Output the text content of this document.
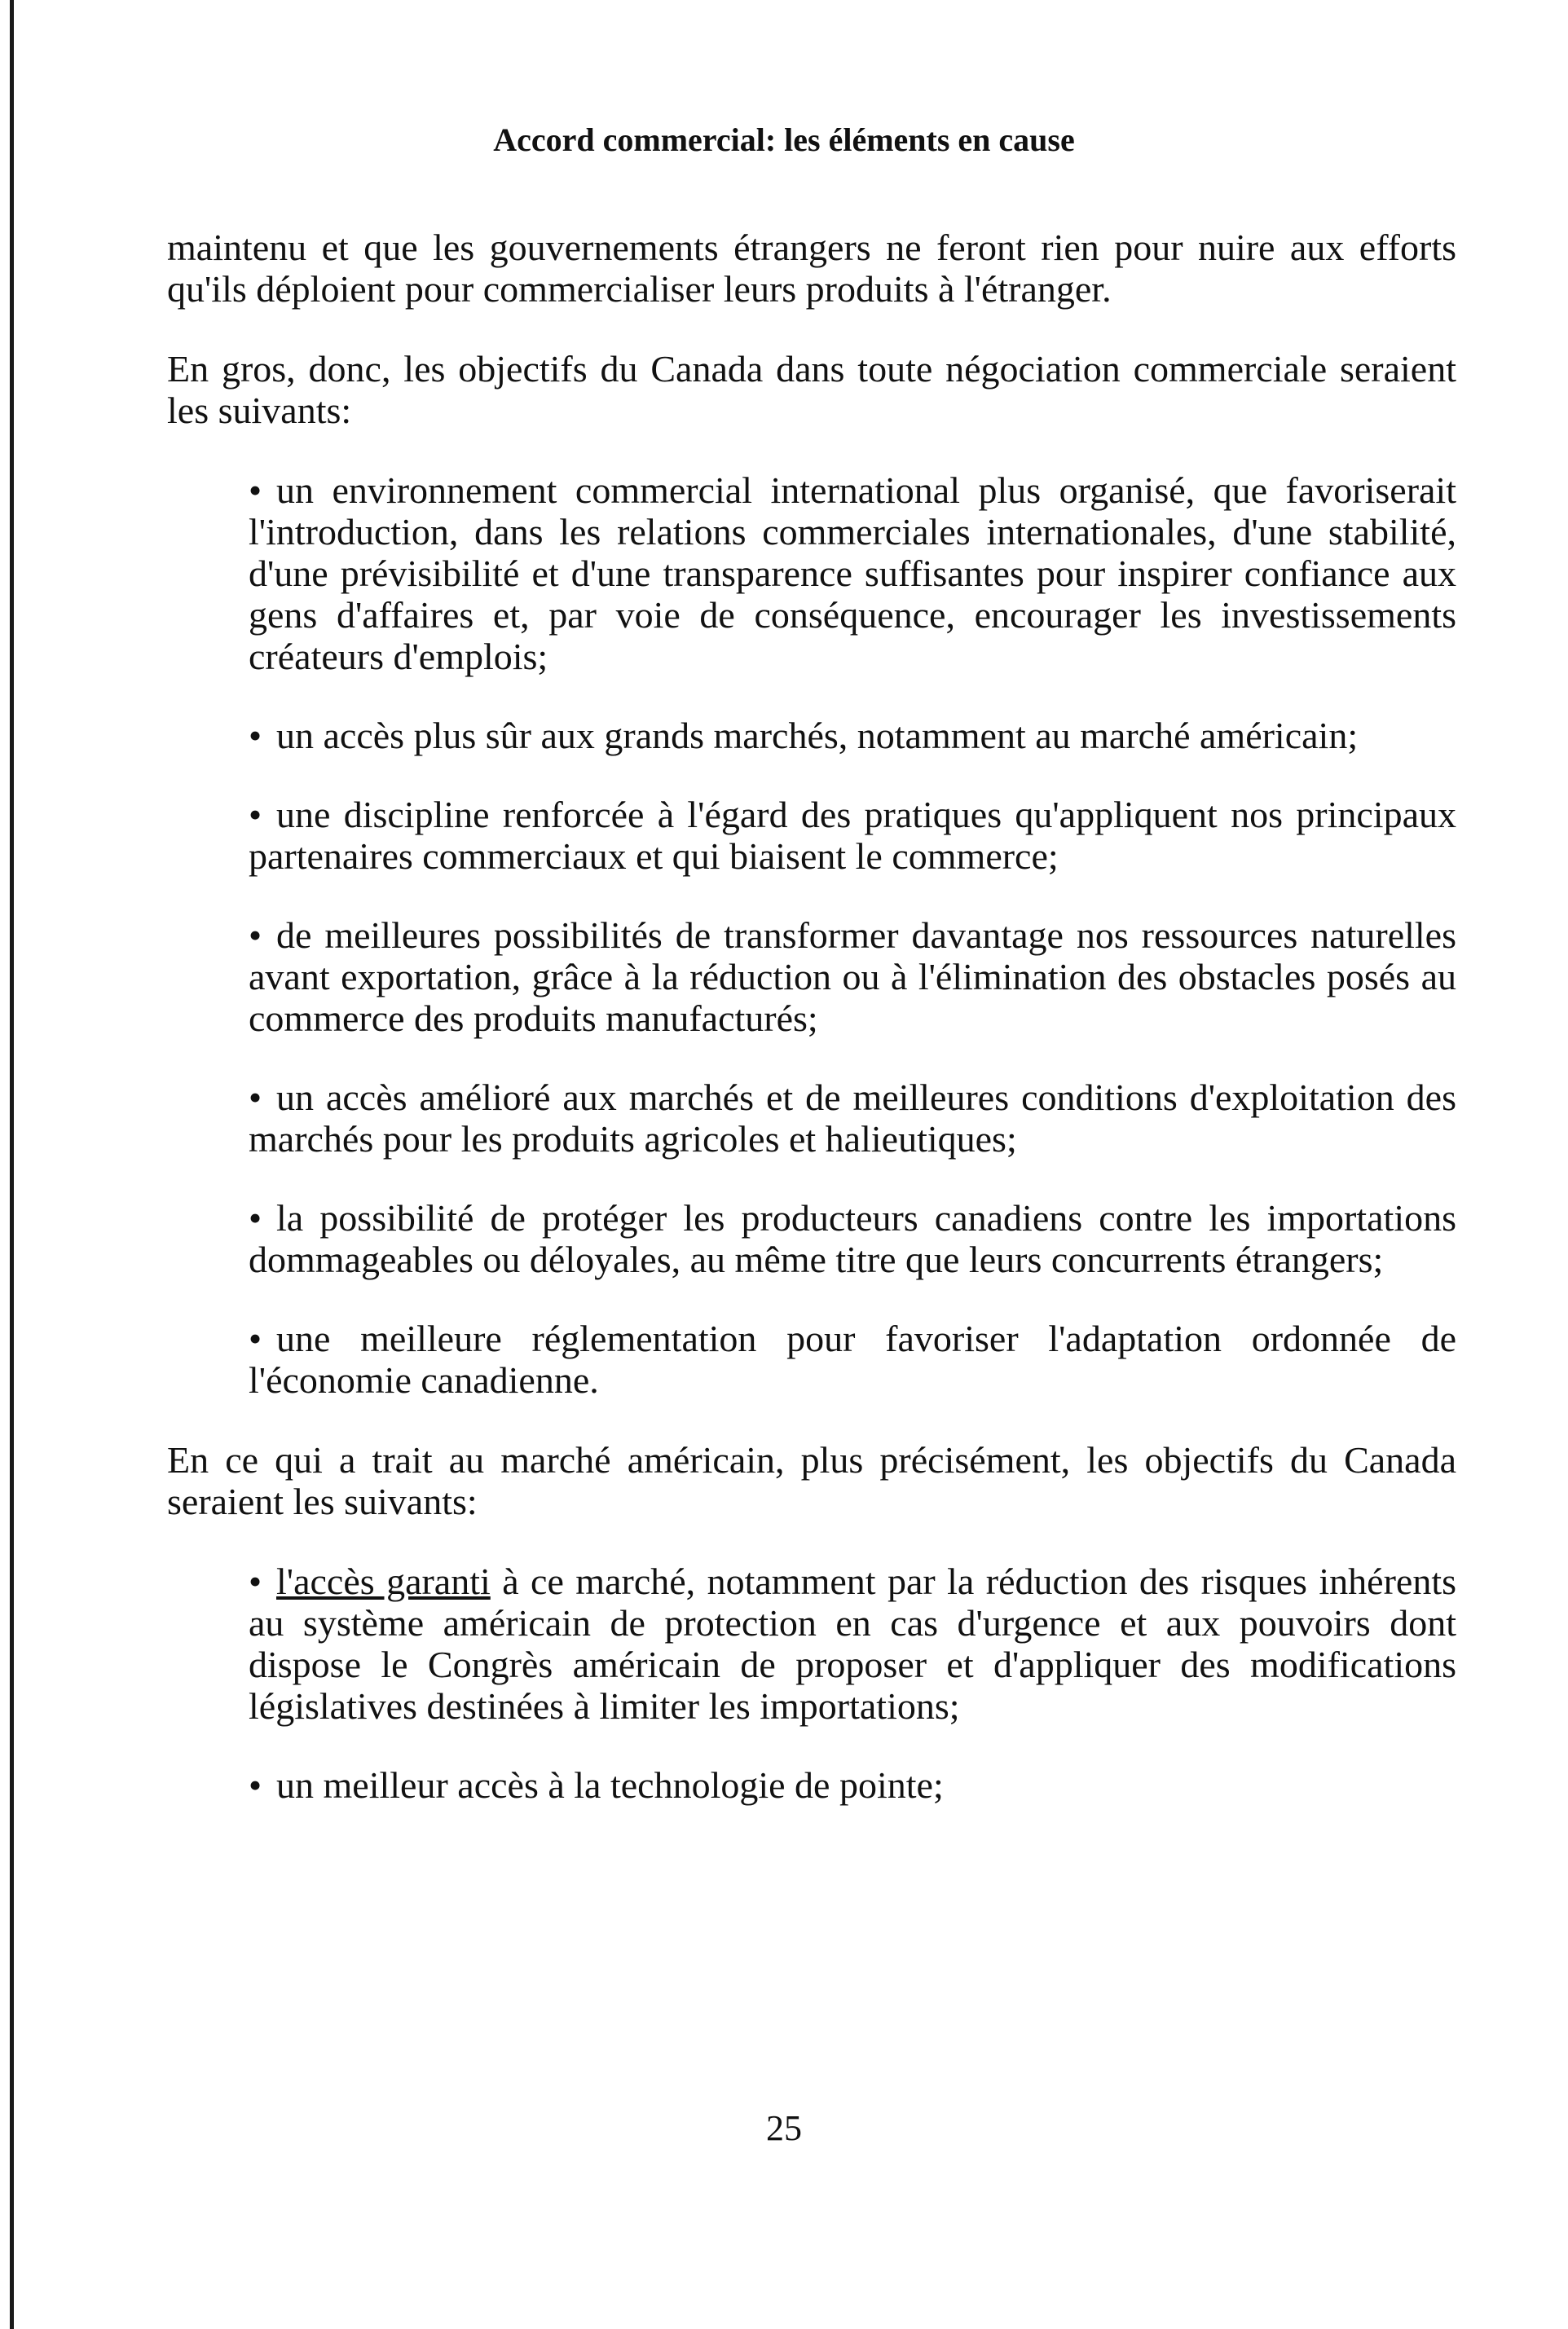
Accord commercial: les éléments en cause

maintenu et que les gouvernements étrangers ne feront rien pour nuire aux efforts qu'ils déploient pour commercialiser leurs produits à l'étranger.

En gros, donc, les objectifs du Canada dans toute négociation commerciale seraient les suivants:

• un environnement commercial international plus organisé, que favoriserait l'introduction, dans les relations commerciales internationales, d'une stabilité, d'une prévisibilité et d'une transparence suffisantes pour inspirer confiance aux gens d'affaires et, par voie de conséquence, encourager les investissements créateurs d'emplois;
• un accès plus sûr aux grands marchés, notamment au marché américain;
• une discipline renforcée à l'égard des pratiques qu'appliquent nos principaux partenaires commerciaux et qui biaisent le commerce;
• de meilleures possibilités de transformer davantage nos ressources naturelles avant exportation, grâce à la réduction ou à l'élimination des obstacles posés au commerce des produits manufacturés;
• un accès amélioré aux marchés et de meilleures conditions d'exploitation des marchés pour les produits agricoles et halieutiques;
• la possibilité de protéger les producteurs canadiens contre les importations dommageables ou déloyales, au même titre que leurs concurrents étrangers;
• une meilleure réglementation pour favoriser l'adaptation ordonnée de l'économie canadienne.

En ce qui a trait au marché américain, plus précisément, les objectifs du Canada seraient les suivants:

• l'accès garanti à ce marché, notamment par la réduction des risques inhérents au système américain de protection en cas d'urgence et aux pouvoirs dont dispose le Congrès américain de proposer et d'appliquer des modifications législatives destinées à limiter les importations;
• un meilleur accès à la technologie de pointe;
25
